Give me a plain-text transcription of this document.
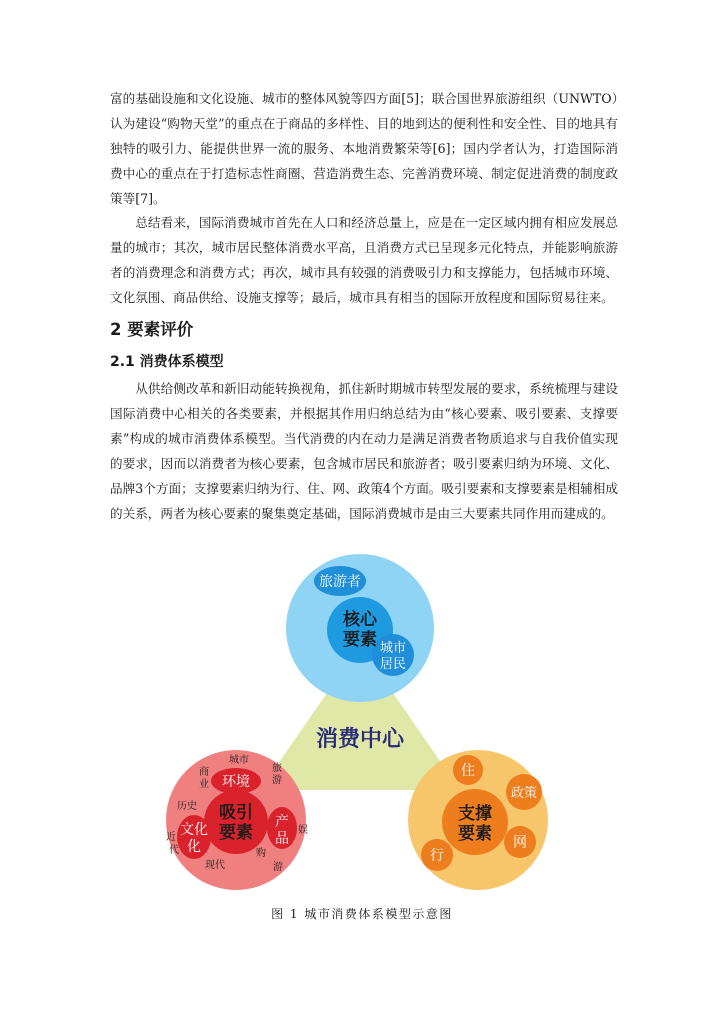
富的基础设施和文化设施、城市的整体风貌等四方面[5]；联合国世界旅游组织（UNWTO）认为建设“购物天堂”的重点在于商品的多样性、目的地到达的便利性和安全性、目的地具有独特的吸引力、能提供世界一流的服务、本地消费繁荣等[6]；国内学者认为，打造国际消费中心的重点在于打造标志性商圈、营造消费生态、完善消费环境、制定促进消费的制度政策等[7]。

总结看来，国际消费城市首先在人口和经济总量上，应是在一定区域内拥有相应发展总量的城市；其次，城市居民整体消费水平高，且消费方式已呈现多元化特点，并能影响旅游者的消费理念和消费方式；再次，城市具有较强的消费吸引力和支撑能力，包括城市环境、文化氛围、商品供给、设施支撑等；最后，城市具有相当的国际开放程度和国际贸易往来。

2 要素评价
2.1 消费体系模型

从供给侧改革和新旧动能转换视角，抓住新时期城市转型发展的要求，系统梳理与建设国际消费中心相关的各类要素，并根据其作用归纳总结为由“核心要素、吸引要素、支撑要素”构成的城市消费体系模型。当代消费的内在动力是满足消费者物质追求与自我价值实现的要求，因而以消费者为核心要素，包含城市居民和旅游者；吸引要素归纳为环境、文化、品牌3个方面；支撑要素归纳为行、住、网、政策4个方面。吸引要素和支撑要素是相辅相成的关系，两者为核心要素的聚集奠定基础，国际消费城市是由三大要素共同作用而建成的。

旅游者
核心
要素 城市
居民
吸引
要素
环境
文化
化
产
品
城市
商
业
旅
游
历史
近
代
现代
购
游
娱
支撑
要素
住
政策
网
行
消费中心
图 1 城市消费体系模型示意图
